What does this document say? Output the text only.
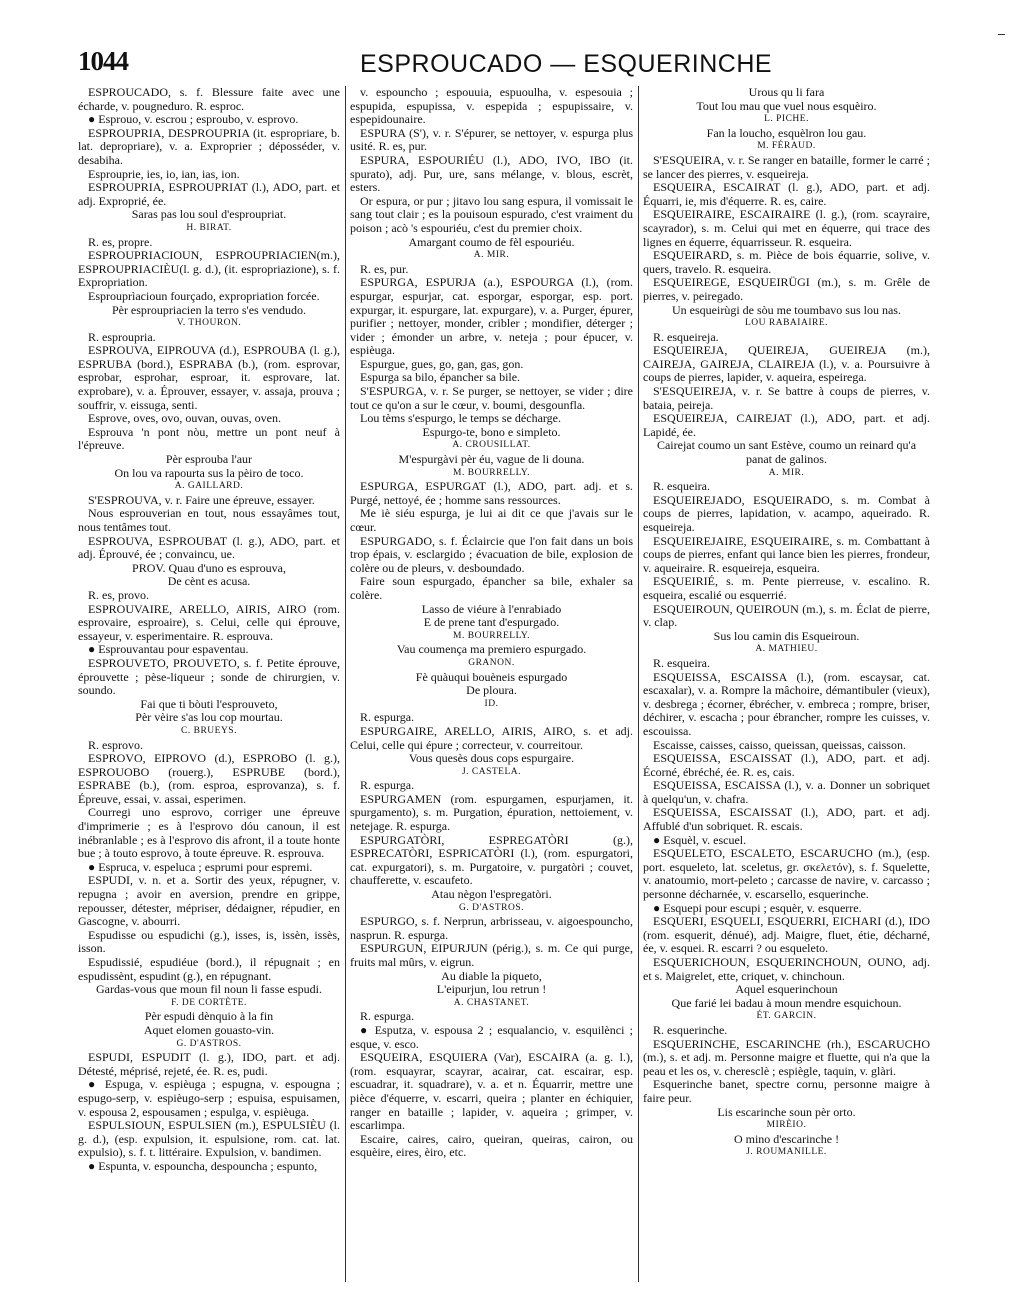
1044	ESPROUCADO — ESQUERINCHE
ESPROUCADO, s. f. Blessure faite avec une écharde, v. pougneduro. R. esproc.
● Esprouo, v. escrou ; esproubo, v. esprovo.
ESPROUPRIA, DESPROUPRIA (it. espropriare, b. lat. depropriare), v. a. Exproprier ; déposséder, v. desabiha.
Esprouprie, ies, io, ian, ias, ion.
ESPROUPRIA, ESPROUPRIAT (l.), ADO, part. et adj. Exproprié, ée.
Saras pas lou soul d'esproupriat.
H. BIRAT.
R. es, propre.
ESPROUPRIACIOUN, ESPROUPRIACIEN(m.), ESPROUPRIACIÈU(l. g. d.), (it. espropriazione), s. f. Expropriation.
Esprouprìacioun fourçado, expropriation forcée.
Pèr esproupriacien la terro s'es vendudo.
V. THOURON.
R. esproupria.
ESPROUVA, EIPROUVA (d.), ESPROUBA (l. g.), ESPRUBA (bord.), ESPRABA (b.), (rom. esprovar, esprobar, esprohar, esproar, it. esprovare, lat. exprobare), v. a. Éprouver, essayer, v. assaja, prouva ; souffrir, v. eissuga, senti.
Esprove, oves, ovo, ouvan, ouvas, oven.
Esprouva 'n pont nòu, mettre un pont neuf à l'épreuve.
Pèr esprouba l'aur
On lou va rapourta sus la pèiro de toco.
A. GAILLARD.
S'ESPROUVA, v. r. Faire une épreuve, essayer.
Nous esprouverian en tout, nous essayâmes tout, nous tentâmes tout.
ESPROUVA, ESPROUBAT (l. g.), ADO, part. et adj. Éprouvé, ée ; convaincu, ue.
PROV. Quau d'uno es esprouva,
De cènt es acusa.
R. es, provo.
ESPROUVAIRE, ARELLO, AIRIS, AIRO (rom. esprovaire, esproaire), s. Celui, celle qui éprouve, essayeur, v. esperimentaire. R. esprouva.
● Esprouvantau pour espaventau.
ESPROUVETO, PROUVETO, s. f. Petite éprouve, éprouvette ; pèse-liqueur ; sonde de chirurgien, v. soundo.
Fai que ti bòuti l'esprouveto,
Pèr vèire s'as lou cop mourtau.
C. BRUEYS.
R. esprovo.
ESPROVO, EIPROVO (d.), ESPROBO (l. g.), ESPROUOBO (rouerg.), ESPRUBE (bord.), ESPRABE (b.), (rom. esproa, esprovanza), s. f. Épreuve, essai, v. assai, esperimen.
Courregi uno esprovo, corriger une épreuve d'imprimerie ; es à l'esprovo dóu canoun, il est inébranlable ; es à l'esprovo dis afront, il a toute honte bue ; à touto esprovo, à toute épreuve. R. esprouva.
● Espruca, v. espeluca ; esprumi pour espremi.
ESPUDI, v. n. et a. Sortir des yeux, répugner, v. repugna ; avoir en aversion, prendre en grippe, repousser, détester, mépriser, dédaigner, répudier, en Gascogne, v. abourri.
Espudisse ou espudichi (g.), isses, is, issèn, issès, isson.
Espudissié, espudiéue (bord.), il répugnait ; en espudissènt, espudint (g.), en répugnant.
Gardas-vous que moun fil noun li fasse espudi.
F. DE CORTÈTE.
Pèr espudi dènquio à la fin
Aquet elomen gouasto-vin.
G. D'ASTROS.
ESPUDI, ESPUDIT (l. g.), IDO, part. et adj. Détesté, méprisé, rejeté, ée. R. es, pudi.
● Espuga, v. espièuga ; espugna, v. espougna ; espugo-serp, v. espièugo-serp ; espuisa, espuisamen, v. espousa 2, espousamen ; espulga, v. espièuga.
ESPULSIOUN, ESPULSIEN (m.), ESPULSIÈU (l. g. d.), (esp. expulsion, it. espulsione, rom. cat. lat. expulsio), s. f. t. littéraire. Expulsion, v. bandimen.
● Espunta, v. espouncha, despouncha ; espunto,
v. espouncho ; espouuia, espuoulha, v. espesouia ; espupida, espupissa, v. espepida ; espupissaire, v. espepidounaire.
ESPURA (S'), v. r. S'épurer, se nettoyer, v. espurga plus usité. R. es, pur.
ESPURA, ESPOURIÉU (l.), ADO, IVO, IBO (it. spurato), adj. Pur, ure, sans mélange, v. blous, escrèt, esters.
Or espura, or pur ; jitavo lou sang espura, il vomissait le sang tout clair ; es la pouisoun espurado, c'est vraiment du poison ; acò 's espouriéu, c'est du premier choix.
Amargant coumo de fèl espouriéu.
A. MIR.
R. es, pur.
ESPURGA, ESPURJA (a.), ESPOURGA (l.), (rom. espurgar, espurjar, cat. esporgar, esporgar, esp. port. expurgar, it. espurgare, lat. expurgare), v. a. Purger, épurer, purifier ; nettoyer, monder, cribler ; mondifier, déterger ; vider ; émonder un arbre, v. neteja ; pour épucer, v. espièuga.
Espurgue, gues, go, gan, gas, gon.
Espurga sa bilo, épancher sa bile.
S'ESPURGA, v. r. Se purger, se nettoyer, se vider ; dire tout ce qu'on a sur le cœur, v. boumi, desgounfla.
Lou tèms s'espurgo, le temps se décharge.
Espurgo-te, bono e simpleto.
A. CROUSILLAT.
M'espurgàvi pèr éu, vague de li douna.
M. BOURRELLY.
ESPURGA, ESPURGAT (l.), ADO, part. adj. et s. Purgé, nettoyé, ée ; homme sans ressources.
Me iè siéu espurga, je lui ai dit ce que j'avais sur le cœur.
ESPURGADO, s. f. Éclaircie que l'on fait dans un bois trop épais, v. esclargido ; évacuation de bile, explosion de colère ou de pleurs, v. desboundado.
Faire soun espurgado, épancher sa bile, exhaler sa colère.
Lasso de viéure à l'enrabiado
E de prene tant d'espurgado.
M. BOURRELLY.
Vau coumença ma premiero espurgado.
GRANON.
Fè quàuqui bouèneis espurgado
De ploura.
ID.
R. espurga.
ESPURGAIRE, ARELLO, AIRIS, AIRO, s. et adj. Celui, celle qui épure ; correcteur, v. courreitour.
Vous quesès dous cops espurgaire.
J. CASTELA.
R. espurga.
ESPURGAMEN (rom. espurgamen, espurjamen, it. spurgamento), s. m. Purgation, épuration, nettoiement, v. netejage. R. espurga.
ESPURGATÒRI, ESPREGATÒRI (g.), ESPRECATÒRI, ESPRICATÒRI (l.), (rom. espurgatori, cat. expurgatori), s. m. Purgatoire, v. purgatòri ; couvet, chaufferette, v. escaufeto.
Atau nègon l'espregatòri.
G. D'ASTROS.
ESPURGO, s. f. Nerprun, arbrisseau, v. aigoespouncho, nasprun. R. espurga.
ESPURGUN, EIPURJUN (périg.), s. m. Ce qui purge, fruits mal mûrs, v. eigrun.
Au diable la piqueto,
L'eipurjun, lou retrun !
A. CHASTANET.
R. espurga.
● Esputza, v. espousa 2 ; esqualancio, v. esquilènci ; esque, v. esco.
ESQUEIRA, ESQUIERA (Var), ESCAIRA (a. g. l.), (rom. esquayrar, scayrar, acairar, cat. escairar, esp. escuadrar, it. squadrare), v. a. et n. Équarrir, mettre une pièce d'équerre, v. escarri, queira ; planter en échiquier, ranger en bataille ; lapider, v. aqueira ; grimper, v. escarlimpa.
Escaire, caires, cairo, queiran, queiras, cairon, ou esquèire, eires, èiro, etc.
Urous qu li fara
Tout lou mau que vuel nous esquèiro.
L. PICHE.
Fan la loucho, esquèlron lou gau.
M. FÉRAUD.
S'ESQUEIRA, v. r. Se ranger en bataille, former le carré ; se lancer des pierres, v. esqueireja.
ESQUEIRA, ESCAIRAT (l. g.), ADO, part. et adj. Équarri, ie, mis d'équerre. R. es, caire.
ESQUEIRAIRE, ESCAIRAIRE (l. g.), (rom. scayraire, scayrador), s. m. Celui qui met en équerre, qui trace des lignes en équerre, équarrisseur. R. esqueira.
ESQUEIRARD, s. m. Pièce de bois équarrie, solive, v. quers, travelo. R. esqueira.
ESQUEIREGE, ESQUEIRÜGI (m.), s. m. Grêle de pierres, v. peiregado.
Un esqueirùgi de sòu me toumbavo sus lou nas.
LOU RABAIAIRE.
R. esqueireja.
ESQUEIREJA, QUEIREJA, GUEIREJA (m.), CAIREJA, GAIREJA, CLAIREJA (l.), v. a. Poursuivre à coups de pierres, lapider, v. aqueira, espeirega.
S'ESQUEIREJA, v. r. Se battre à coups de pierres, v. bataia, peireja.
ESQUEIREJA, CAIREJAT (l.), ADO, part. et adj. Lapidé, ée.
Cairejat coumo un sant Estève, coumo un reinard qu'a panat de galinos.
A. MIR.
R. esqueira.
ESQUEIREJADO, ESQUEIRADO, s. m. Combat à coups de pierres, lapidation, v. acampo, aqueirado. R. esqueireja.
ESQUEIREJAIRE, ESQUEIRAIRE, s. m. Combattant à coups de pierres, enfant qui lance bien les pierres, frondeur, v. aqueiraire. R. esqueireja, esqueira.
ESQUEIRIÉ, s. m. Pente pierreuse, v. escalino. R. esqueira, escalié ou esquerrié.
ESQUEIROUN, QUEIROUN (m.), s. m. Éclat de pierre, v. clap.
Sus lou camin dis Esqueiroun.
A. MATHIEU.
R. esqueira.
ESQUEISSA, ESCAISSA (l.), (rom. escaysar, cat. escaxalar), v. a. Rompre la mâchoire, démantibuler (vieux), v. desbrega ; écorner, ébrécher, v. embreca ; rompre, briser, déchirer, v. escacha ; pour ébrancher, rompre les cuisses, v. escouissa.
Escaisse, caisses, caisso, queissan, queissas, caisson.
ESQUEISSA, ESCAISSAT (l.), ADO, part. et adj. Écorné, ébréché, ée. R. es, cais.
ESQUEISSA, ESCAISSA (l.), v. a. Donner un sobriquet à quelqu'un, v. chafra.
ESQUEISSA, ESCAISSAT (l.), ADO, part. et adj. Affublé d'un sobriquet. R. escais.
● Esquèl, v. escuel.
ESQUELETO, ESCALETO, ESCARUCHO (m.), (esp. port. esqueleto, lat. sceletus, gr. σκελετόν), s. f. Squelette, v. anatoumio, mort-peleto ; carcasse de navire, v. carcasso ; personne décharnée, v. escarsello, esquerinche.
● Esquepi pour escupi ; esquèr, v. esquerre.
ESQUERI, ESQUELI, ESQUERRI, EICHARI (d.), IDO (rom. esquerit, dénué), adj. Maigre, fluet, étie, décharné, ée, v. esquei. R. escarri ? ou esqueleto.
ESQUERICHOUN, ESQUERINCHOUN, OUNO, adj. et s. Maigrelet, ette, criquet, v. chinchoun.
Aquel esquerinchoun
Que farié lei badau à moun mendre esquichoun.
ÉT. GARCIN.
R. esquerinche.
ESQUERINCHE, ESCARINCHE (rh.), ESCARUCHO (m.), s. et adj. m. Personne maigre et fluette, qui n'a que la peau et les os, v. cheresclè ; espiègle, taquin, v. glàri.
Esquerinche banet, spectre cornu, personne maigre à faire peur.
Lis escarinche soun pèr orto.
MIRÈIO.
O mino d'escarinche !
J. ROUMANILLE.
